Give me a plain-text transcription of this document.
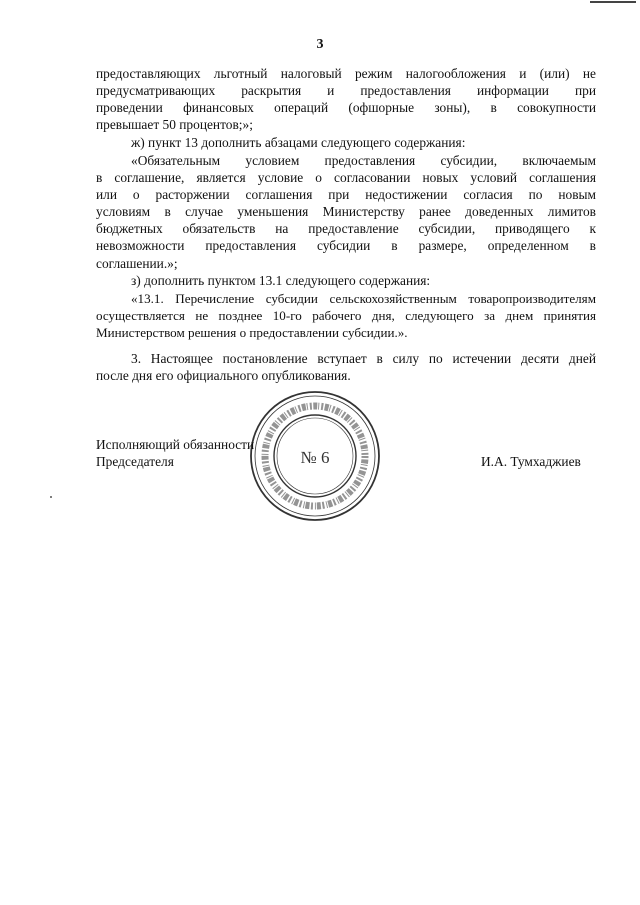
3
предоставляющих льготный налоговый режим налогообложения и (или) не
предусматривающих раскрытия и предоставления информации при
проведении финансовых операций (офшорные зоны), в совокупности
превышает 50 процентов;»;
ж) пункт 13 дополнить абзацами следующего содержания:
«Обязательным условием предоставления субсидии, включаемым
в соглашение, является условие о согласовании новых условий соглашения
или о расторжении соглашения при недостижении согласия по новым
условиям в случае уменьшения Министерству ранее доведенных лимитов
бюджетных обязательств на предоставление субсидии, приводящего к
невозможности предоставления субсидии в размере, определенном в
соглашении.»;
з) дополнить пунктом 13.1 следующего содержания:
«13.1. Перечисление субсидии сельскохозяйственным товаропроизводителям
осуществляется не позднее 10-го рабочего дня, следующего за днем принятия
Министерством решения о предоставлении субсидии.».
3. Настоящее постановление вступает в силу по истечении десяти дней
после дня его официального опубликования.
№ 6
Исполняющий обязанности
Председателя	И.А. Тумхаджиев
